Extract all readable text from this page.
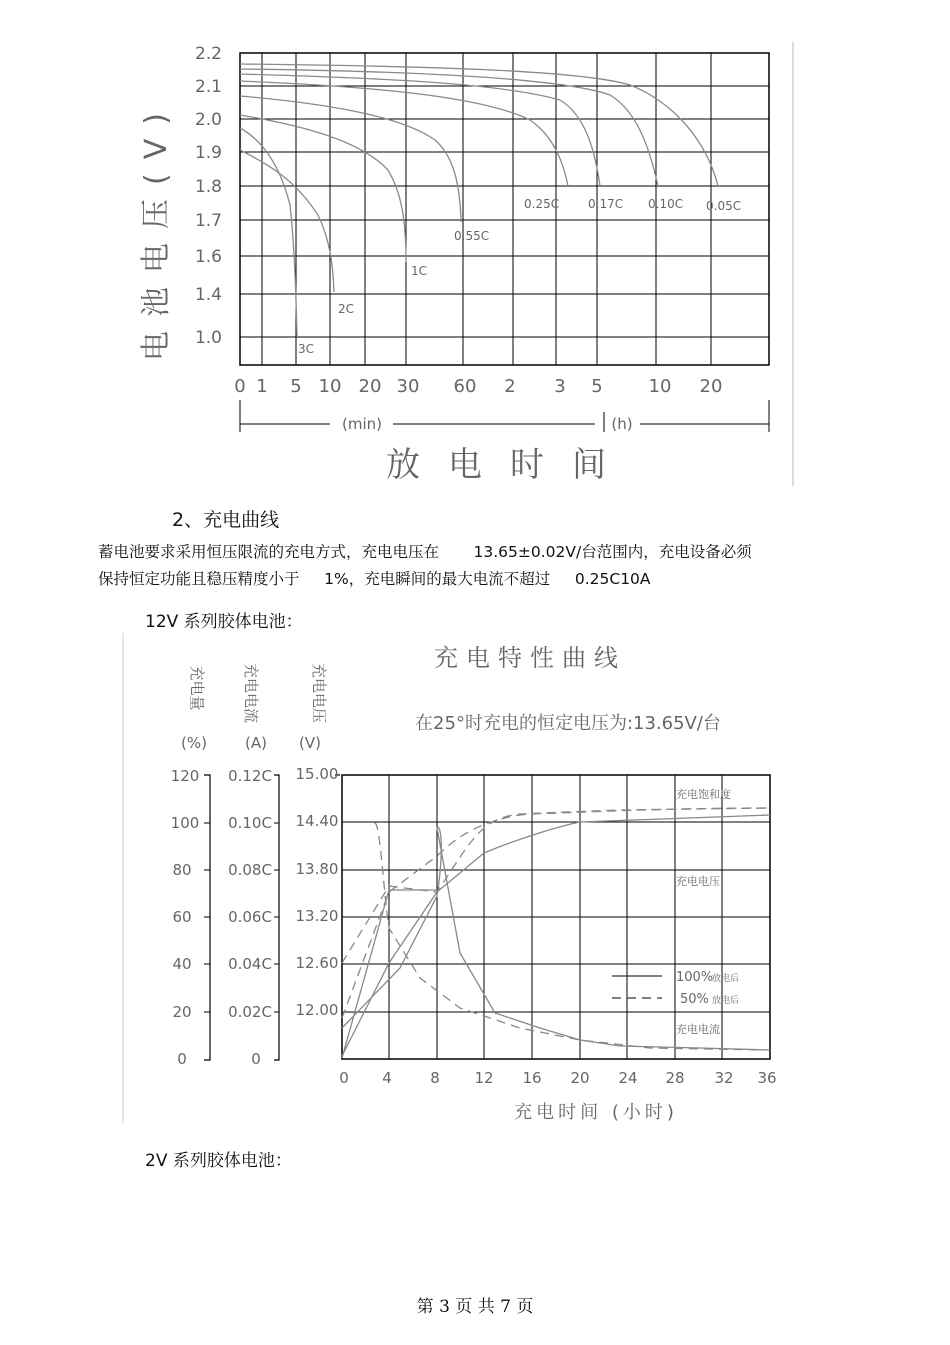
2.2
2.1
2.0
1.9
1.8
1.7
1.6
1.4
1.0
0 1 5 10 20 30 60 2 3 5	10 20
(min)	(h)
放电时间
电池电压(V)	3C
2C
1C
0.55C
0.25C 0.17C 0.10C 0.05C
2、充电曲线
蓄电池要求采用恒压限流的充电方式，充电电压在       13.65±0.02V/台范围内，充电设备必须
保持恒定功能且稳压精度小于     1%，充电瞬间的最大电流不超过     0.25C10A
12V 系列胶体电池：
充电特性曲线
在25°时充电的恒定电压为:13.65V/台
充电量 充电电流	充电电压
(%)	(A) (V)
120
100
80
60
40
20
0
0.12C
0.10C
0.08C
0.06C
0.04C
0.02C
0
15.00
14.40
13.80
13.20
12.60
12.00
0 4	8 12 16 20 24 28 32 36
充电时间 (小时)
充电饱和度
充电电压
充电电流
100%
放电后
50% 放电后
2V 系列胶体电池：
第 3 页 共 7 页
